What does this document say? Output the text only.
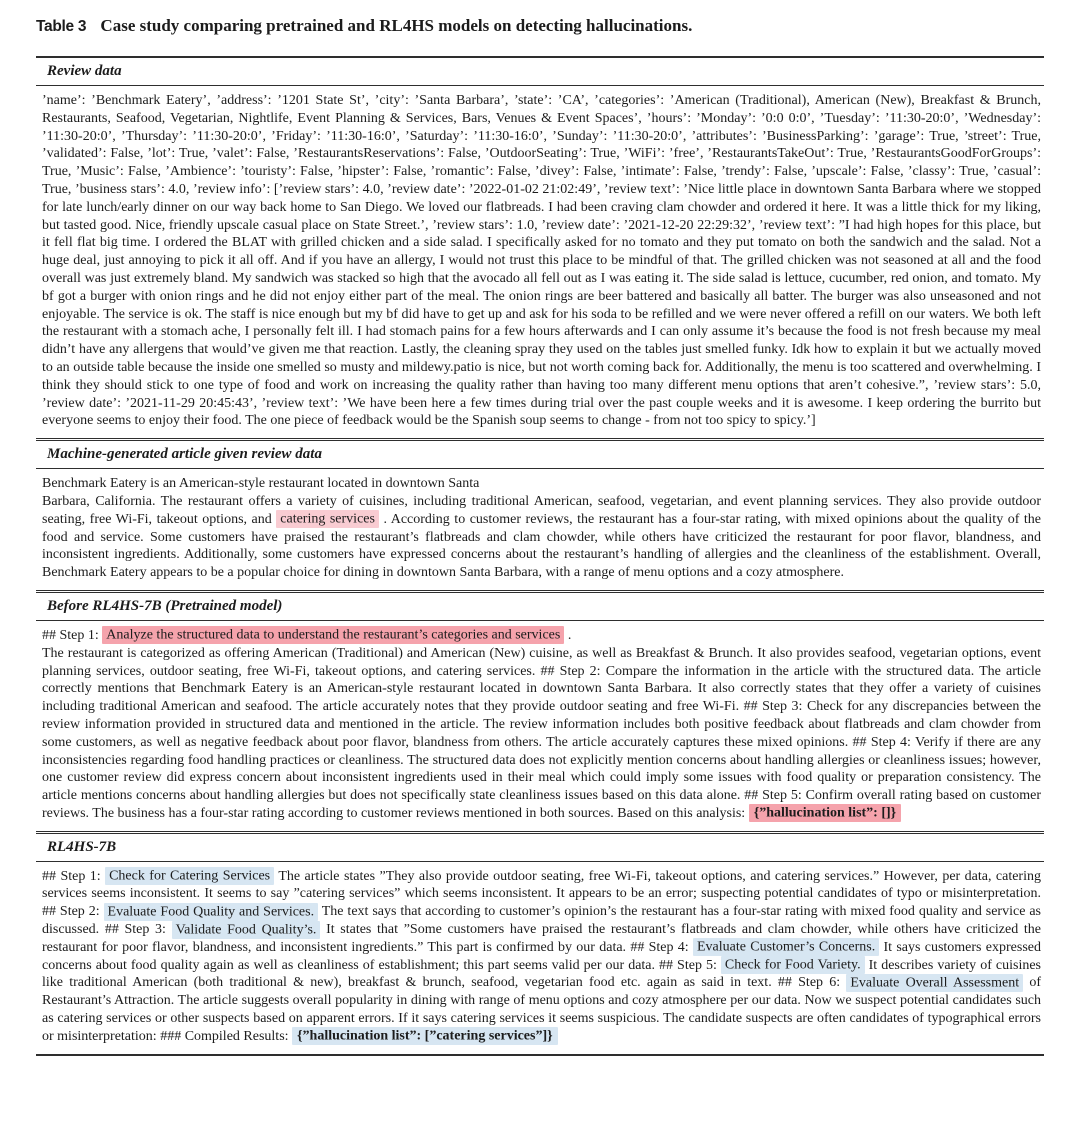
Table 3 Case study comparing pretrained and RL4HS models on detecting hallucinations.
Review data
’name’: ’Benchmark Eatery’, ’address’: ’1201 State St’, ’city’: ’Santa Barbara’, ’state’: ’CA’, ’categories’: ’American (Traditional), American (New), Breakfast & Brunch, Restaurants, Seafood, Vegetarian, Nightlife, Event Planning & Services, Bars, Venues & Event Spaces’, ’hours’: ’Monday’: ’0:0 0:0’, ’Tuesday’: ’11:30-20:0’, ’Wednesday’: ’11:30-20:0’, ’Thursday’: ’11:30-20:0’, ’Friday’: ’11:30-16:0’, ’Saturday’: ’11:30-16:0’, ’Sunday’: ’11:30-20:0’, ’attributes’: ’BusinessParking’: ’garage’: True, ’street’: True, ’validated’: False, ’lot’: True, ’valet’: False, ’RestaurantsReservations’: False, ’OutdoorSeating’: True, ’WiFi’: ’free’, ’RestaurantsTakeOut’: True, ’RestaurantsGoodForGroups’: True, ’Music’: False, ’Ambience’: ’touristy’: False, ’hipster’: False, ’romantic’: False, ’divey’: False, ’intimate’: False, ’trendy’: False, ’upscale’: False, ’classy’: True, ’casual’: True, ’business stars’: 4.0, ’review info’: [’review stars’: 4.0, ’review date’: ’2022-01-02 21:02:49’, ’review text’: ’Nice little place in downtown Santa Barbara where we stopped for late lunch/early dinner on our way back home to San Diego. We loved our flatbreads. I had been craving clam chowder and ordered it here. It was a little thick for my liking, but tasted good. Nice, friendly upscale casual place on State Street.’, ’review stars’: 1.0, ’review date’: ’2021-12-20 22:29:32’, ’review text’: ”I had high hopes for this place, but it fell flat big time. I ordered the BLAT with grilled chicken and a side salad. I specifically asked for no tomato and they put tomato on both the sandwich and the salad. Not a huge deal, just annoying to pick it all off. And if you have an allergy, I would not trust this place to be mindful of that. The grilled chicken was not seasoned at all and the food overall was just extremely bland. My sandwich was stacked so high that the avocado all fell out as I was eating it. The side salad is lettuce, cucumber, red onion, and tomato. My bf got a burger with onion rings and he did not enjoy either part of the meal. The onion rings are beer battered and basically all batter. The burger was also unseasoned and not enjoyable. The service is ok. The staff is nice enough but my bf did have to get up and ask for his soda to be refilled and we were never offered a refill on our waters. We both left the restaurant with a stomach ache, I personally felt ill. I had stomach pains for a few hours afterwards and I can only assume it’s because the food is not fresh because my meal didn’t have any allergens that would’ve given me that reaction. Lastly, the cleaning spray they used on the tables just smelled funky. Idk how to explain it but we actually moved to an outside table because the inside one smelled so musty and mildewy.patio is nice, but not worth coming back for. Additionally, the menu is too scattered and overwhelming. I think they should stick to one type of food and work on increasing the quality rather than having too many different menu options that aren’t cohesive.”, ’review stars’: 5.0, ’review date’: ’2021-11-29 20:45:43’, ’review text’: ’We have been here a few times during trial over the past couple weeks and it is awesome. I keep ordering the burrito but everyone seems to enjoy their food. The one piece of feedback would be the Spanish soup seems to change - from not too spicy to spicy.’]
Machine-generated article given review data
Benchmark Eatery is an American-style restaurant located in downtown Santa
Barbara, California. The restaurant offers a variety of cuisines, including traditional American, seafood, vegetarian, and event planning services. They also provide outdoor seating, free Wi-Fi, takeout options, and catering services . According to customer reviews, the restaurant has a four-star rating, with mixed opinions about the quality of the food and service. Some customers have praised the restaurant’s flatbreads and clam chowder, while others have criticized the restaurant for poor flavor, blandness, and inconsistent ingredients. Additionally, some customers have expressed concerns about the restaurant’s handling of allergies and the cleanliness of the establishment. Overall, Benchmark Eatery appears to be a popular choice for dining in downtown Santa Barbara, with a range of menu options and a cozy atmosphere.
Before RL4HS-7B (Pretrained model)
## Step 1: Analyze the structured data to understand the restaurant’s categories and services .
The restaurant is categorized as offering American (Traditional) and American (New) cuisine, as well as Breakfast & Brunch. It also provides seafood, vegetarian options, event planning services, outdoor seating, free Wi-Fi, takeout options, and catering services. ## Step 2: Compare the information in the article with the structured data. The article correctly mentions that Benchmark Eatery is an American-style restaurant located in downtown Santa Barbara. It also correctly states that they offer a variety of cuisines including traditional American and seafood. The article accurately notes that they provide outdoor seating and free Wi-Fi. ## Step 3: Check for any discrepancies between the review information provided in structured data and mentioned in the article. The review information includes both positive feedback about flatbreads and clam chowder from some customers, as well as negative feedback about poor flavor, blandness from others. The article accurately captures these mixed opinions. ## Step 4: Verify if there are any inconsistencies regarding food handling practices or cleanliness. The structured data does not explicitly mention concerns about handling allergies or cleanliness issues; however, one customer review did express concern about inconsistent ingredients used in their meal which could imply some issues with food quality or preparation consistency. The article mentions concerns about handling allergies but does not specifically state cleanliness issues based on this data alone. ## Step 5: Confirm overall rating based on customer reviews. The business has a four-star rating according to customer reviews mentioned in both sources. Based on this analysis: {”hallucination list”: []}
RL4HS-7B
## Step 1: Check for Catering Services The article states ”They also provide outdoor seating, free Wi-Fi, takeout options, and catering services.” However, per data, catering services seems inconsistent. It seems to say ”catering services” which seems inconsistent. It appears to be an error; suspecting potential candidates of typo or misinterpretation. ## Step 2: Evaluate Food Quality and Services. The text says that according to customer’s opinion’s the restaurant has a four-star rating with mixed food quality and service as discussed. ## Step 3: Validate Food Quality’s. It states that ”Some customers have praised the restaurant’s flatbreads and clam chowder, while others have criticized the restaurant for poor flavor, blandness, and inconsistent ingredients.” This part is confirmed by our data. ## Step 4: Evaluate Customer’s Concerns. It says customers expressed concerns about food quality again as well as cleanliness of establishment; this part seems valid per our data. ## Step 5: Check for Food Variety. It describes variety of cuisines like traditional American (both traditional & new), breakfast & brunch, seafood, vegetarian food etc. again as said in text. ## Step 6: Evaluate Overall Assessment of Restaurant’s Attraction. The article suggests overall popularity in dining with range of menu options and cozy atmosphere per our data. Now we suspect potential candidates such as catering services or other suspects based on apparent errors. If it says catering services it seems suspicious. The candidate suspects are often candidates of typographical errors or misinterpretation: ### Compiled Results: {”hallucination list”: [”catering services”]}
